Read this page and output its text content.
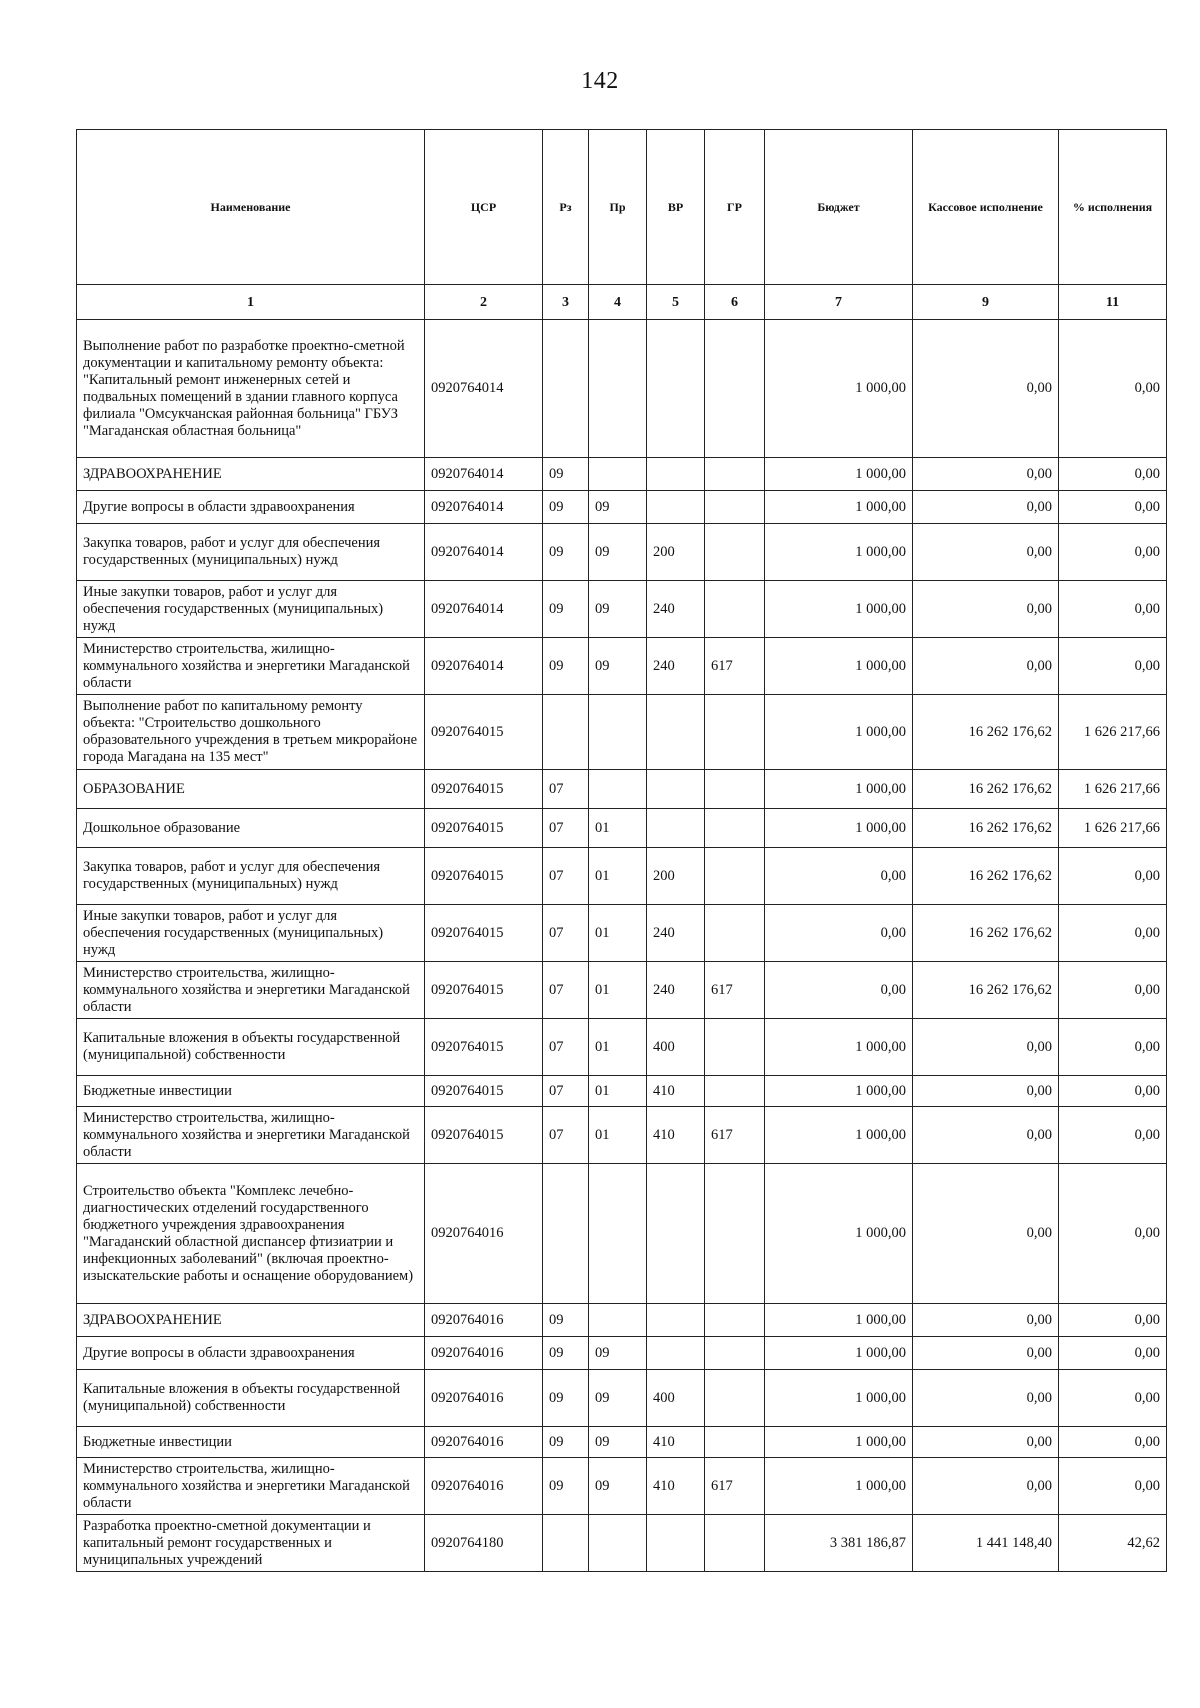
142
Наименование	ЦСР	Рз	Пр	ВР	ГР	Бюджет	Кассовое исполнение	% исполнения
1	2	3	4	5	6	7	9	11
Выполнение работ по разработке проектно-сметной документации и капитальному ремонту объекта: "Капитальный ремонт инженерных сетей и подвальных помещений в здании главного корпуса филиала "Омсукчанская районная больница" ГБУЗ "Магаданская областная больница"	0920764014					1 000,00	0,00	0,00
ЗДРАВООХРАНЕНИЕ	0920764014	09				1 000,00	0,00	0,00
Другие вопросы в области здравоохранения	0920764014	09	09			1 000,00	0,00	0,00
Закупка товаров, работ и услуг для обеспечения государственных (муниципальных) нужд	0920764014	09	09	200		1 000,00	0,00	0,00
Иные закупки товаров, работ и услуг для обеспечения государственных (муниципальных) нужд	0920764014	09	09	240		1 000,00	0,00	0,00
Министерство строительства, жилищно-коммунального хозяйства и энергетики Магаданской области	0920764014	09	09	240	617	1 000,00	0,00	0,00
Выполнение работ по капитальному ремонту объекта: "Строительство дошкольного образовательного учреждения в третьем микрорайоне города Магадана на 135 мест"	0920764015					1 000,00	16 262 176,62	1 626 217,66
ОБРАЗОВАНИЕ	0920764015	07				1 000,00	16 262 176,62	1 626 217,66
Дошкольное образование	0920764015	07	01			1 000,00	16 262 176,62	1 626 217,66
Закупка товаров, работ и услуг для обеспечения государственных (муниципальных) нужд	0920764015	07	01	200		0,00	16 262 176,62	0,00
Иные закупки товаров, работ и услуг для обеспечения государственных (муниципальных) нужд	0920764015	07	01	240		0,00	16 262 176,62	0,00
Министерство строительства, жилищно-коммунального хозяйства и энергетики Магаданской области	0920764015	07	01	240	617	0,00	16 262 176,62	0,00
Капитальные вложения в объекты государственной (муниципальной) собственности	0920764015	07	01	400		1 000,00	0,00	0,00
Бюджетные инвестиции	0920764015	07	01	410		1 000,00	0,00	0,00
Министерство строительства, жилищно-коммунального хозяйства и энергетики Магаданской области	0920764015	07	01	410	617	1 000,00	0,00	0,00
Строительство объекта "Комплекс лечебно-диагностических отделений государственного бюджетного учреждения здравоохранения "Магаданский областной диспансер фтизиатрии и инфекционных заболеваний" (включая проектно-изыскательские работы и оснащение оборудованием)	0920764016					1 000,00	0,00	0,00
ЗДРАВООХРАНЕНИЕ	0920764016	09				1 000,00	0,00	0,00
Другие вопросы в области здравоохранения	0920764016	09	09			1 000,00	0,00	0,00
Капитальные вложения в объекты государственной (муниципальной) собственности	0920764016	09	09	400		1 000,00	0,00	0,00
Бюджетные инвестиции	0920764016	09	09	410		1 000,00	0,00	0,00
Министерство строительства, жилищно-коммунального хозяйства и энергетики Магаданской области	0920764016	09	09	410	617	1 000,00	0,00	0,00
Разработка проектно-сметной документации и капитальный ремонт государственных и муниципальных учреждений	0920764180					3 381 186,87	1 441 148,40	42,62
